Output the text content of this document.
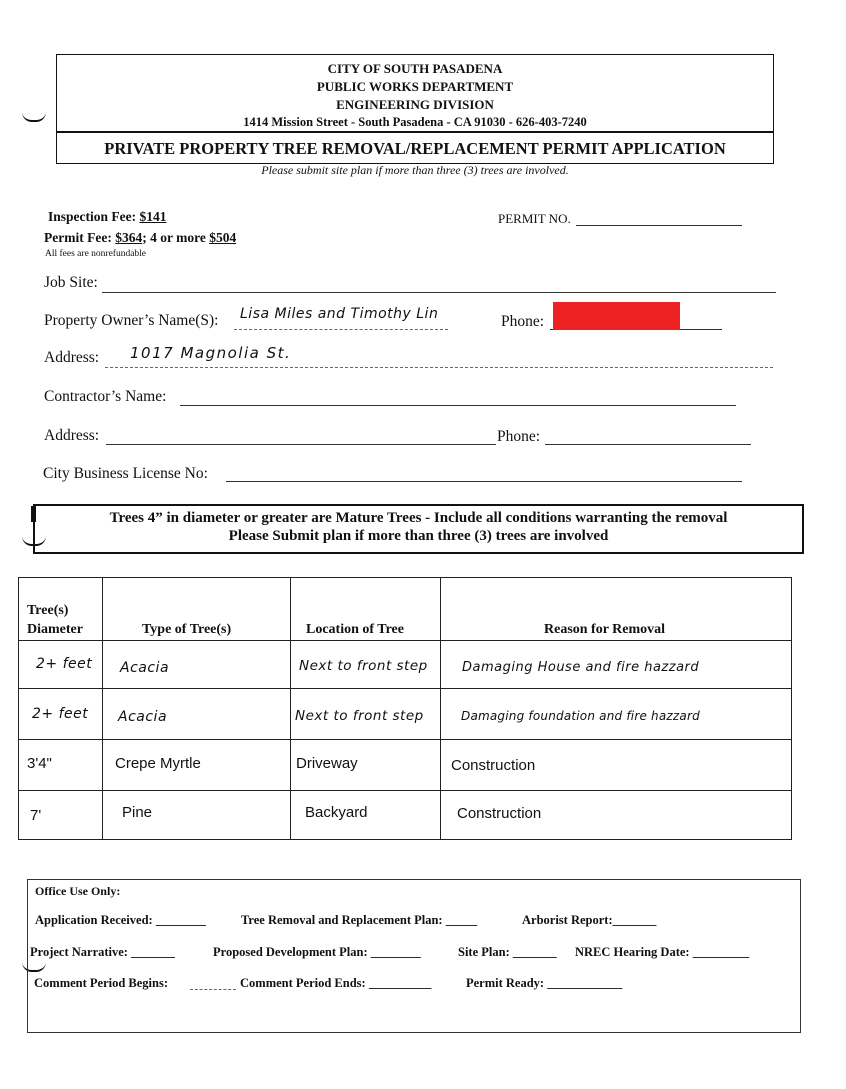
CITY OF SOUTH PASADENA
PUBLIC WORKS DEPARTMENT
ENGINEERING DIVISION
1414 Mission Street - South Pasadena - CA 91030 - 626-403-7240
PRIVATE PROPERTY TREE REMOVAL/REPLACEMENT PERMIT APPLICATION
Please submit site plan if more than three (3) trees are involved.
Inspection Fee: $141
Permit Fee: $364; 4 or more $504
All fees are nonrefundable
PERMIT NO.
Job Site:
Property Owner’s Name(S): Lisa Miles and Timothy Lin	Phone:
Address: 1017 Magnolia St.
Contractor’s Name:
Address:	Phone:
City Business License No:
Trees 4” in diameter or greater are Mature Trees - Include all conditions warranting the removal
Please Submit plan if more than three (3) trees are involved
Tree(s)
Diameter	Type of Tree(s)	Location of Tree	Reason for Removal
2+ feet Acacia	Next to front step	Damaging House and fire hazzard
2+ feet Acacia	Next to front step	Damaging foundation and fire hazzard
3'4"	Crepe Myrtle	Driveway	Construction
7'	Pine	Backyard	Construction
Office Use Only:
Application Received: ________	Tree Removal and Replacement Plan: _____	Arborist Report:_______
Project Narrative: _______	Proposed Development Plan: ________	Site Plan: _______ NREC Hearing Date: _________
Comment Period Begins:	Comment Period Ends: __________	Permit Ready: ____________
